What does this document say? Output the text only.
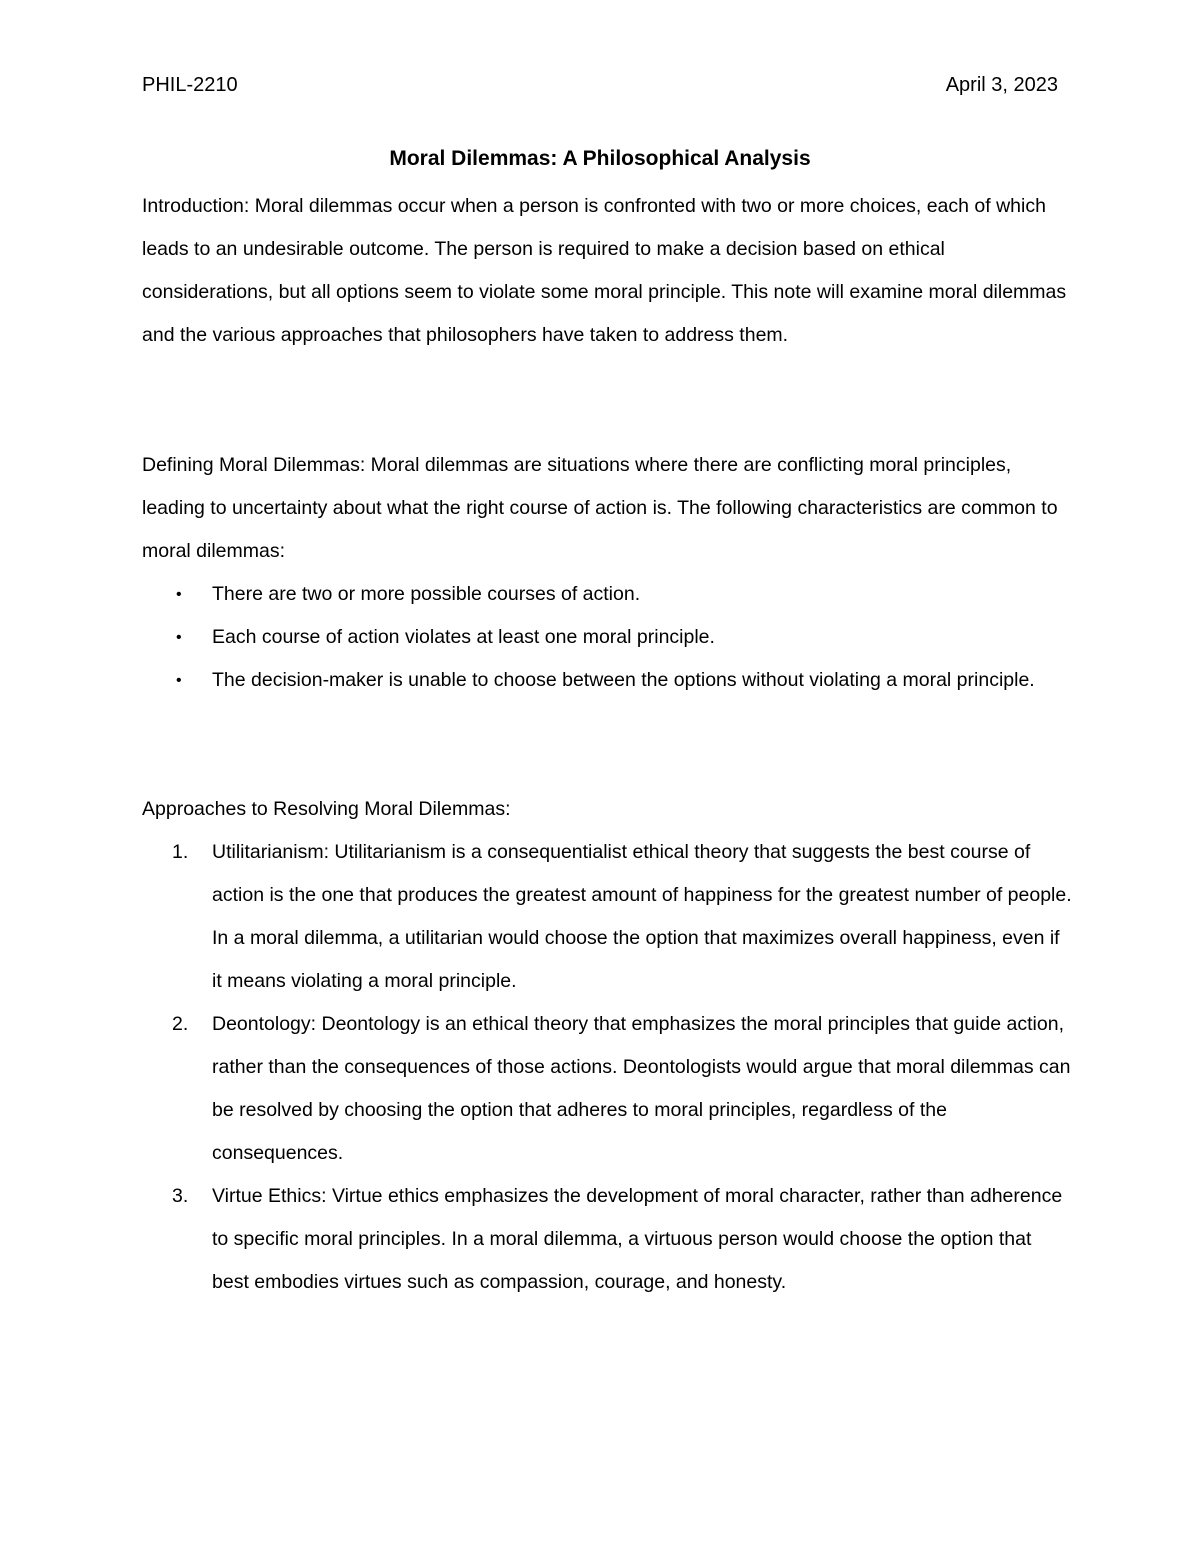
PHIL-2210	April 3, 2023
Moral Dilemmas: A Philosophical Analysis

Introduction: Moral dilemmas occur when a person is confronted with two or more choices, each of which leads to an undesirable outcome. The person is required to make a decision based on ethical considerations, but all options seem to violate some moral principle. This note will examine moral dilemmas and the various approaches that philosophers have taken to address them.

Defining Moral Dilemmas: Moral dilemmas are situations where there are conflicting moral principles, leading to uncertainty about what the right course of action is. The following characteristics are common to moral dilemmas:

•	There are two or more possible courses of action.
•	Each course of action violates at least one moral principle.
•	The decision-maker is unable to choose between the options without violating a moral principle.

Approaches to Resolving Moral Dilemmas:

1.	Utilitarianism: Utilitarianism is a consequentialist ethical theory that suggests the best course of action is the one that produces the greatest amount of happiness for the greatest number of people. In a moral dilemma, a utilitarian would choose the option that maximizes overall happiness, even if it means violating a moral principle.
2.	Deontology: Deontology is an ethical theory that emphasizes the moral principles that guide action, rather than the consequences of those actions. Deontologists would argue that moral dilemmas can be resolved by choosing the option that adheres to moral principles, regardless of the consequences.
3.	Virtue Ethics: Virtue ethics emphasizes the development of moral character, rather than adherence to specific moral principles. In a moral dilemma, a virtuous person would choose the option that best embodies virtues such as compassion, courage, and honesty.
